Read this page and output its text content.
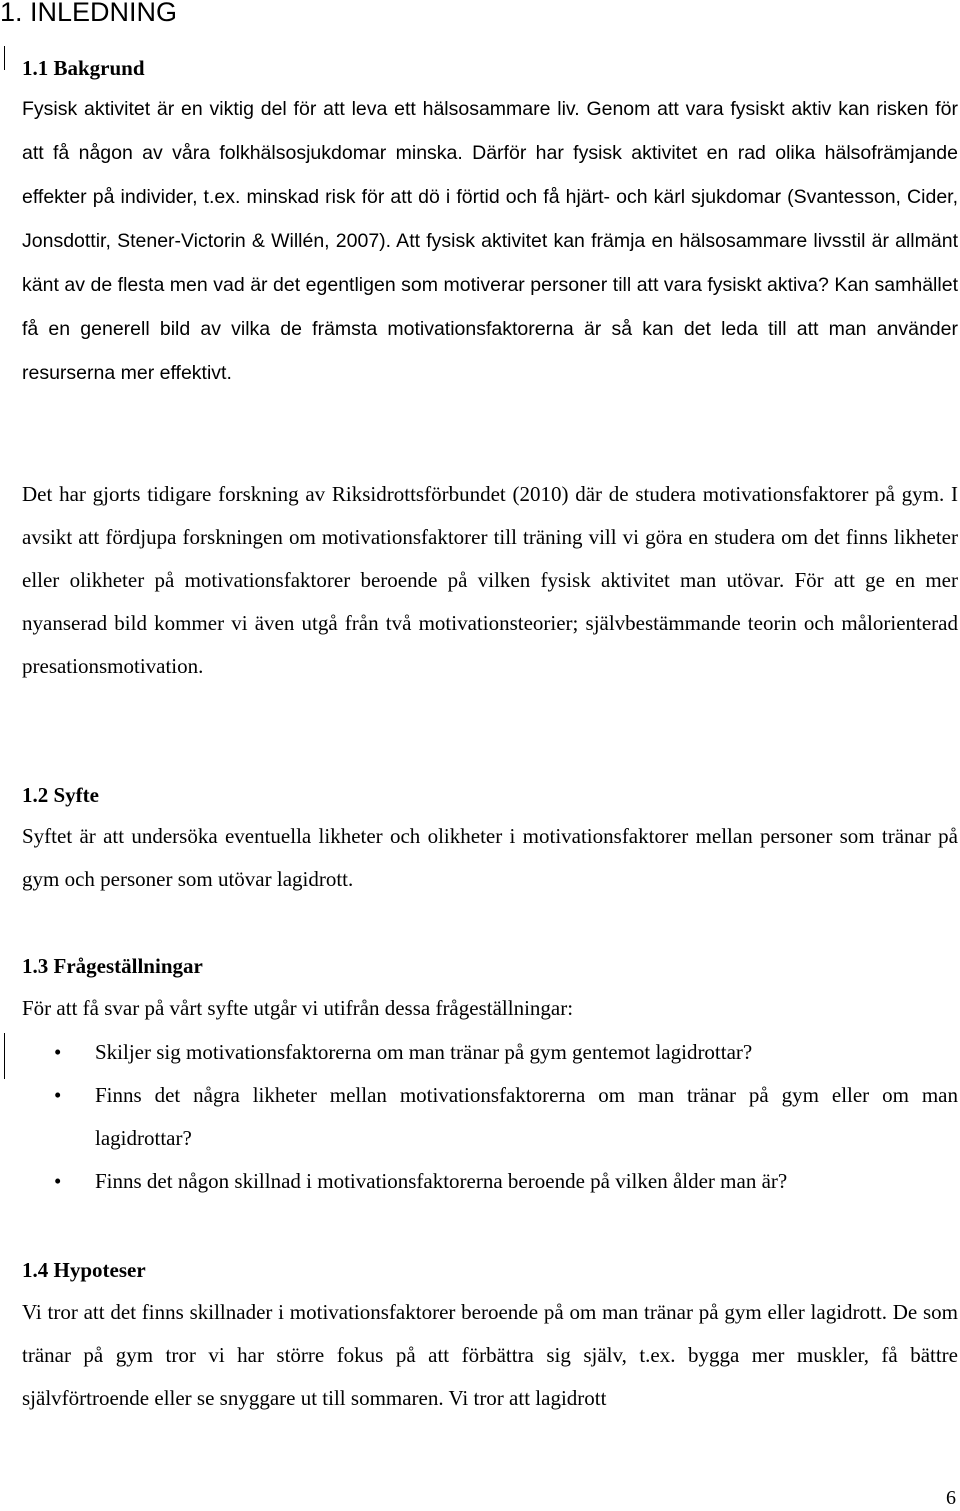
1. INLEDNING
1.1 Bakgrund
Fysisk aktivitet är en viktig del för att leva ett hälsosammare liv. Genom att vara fysiskt aktiv kan risken för att få någon av våra folkhälsosjukdomar minska. Därför har fysisk aktivitet en rad olika hälsofrämjande effekter på individer, t.ex. minskad risk för att dö i förtid och få hjärt- och kärl sjukdomar (Svantesson, Cider, Jonsdottir, Stener-Victorin & Willén, 2007). Att fysisk aktivitet kan främja en hälsosammare livsstil är allmänt känt av de flesta men vad är det egentligen som motiverar personer till att vara fysiskt aktiva? Kan samhället få en generell bild av vilka de främsta motivationsfaktorerna är så kan det leda till att man använder resurserna mer effektivt.
Det har gjorts tidigare forskning av Riksidrottsförbundet (2010) där de studera motivationsfaktorer på gym. I avsikt att fördjupa forskningen om motivationsfaktorer till träning vill vi göra en studera om det finns likheter eller olikheter på motivationsfaktorer beroende på vilken fysisk aktivitet man utövar. För att ge en mer nyanserad bild kommer vi även utgå från två motivationsteorier; självbestämmande teorin och målorienterad presationsmotivation.
1.2 Syfte
Syftet är att undersöka eventuella likheter och olikheter i motivationsfaktorer mellan personer som tränar på gym och personer som utövar lagidrott.
1.3 Frågeställningar
För att få svar på vårt syfte utgår vi utifrån dessa frågeställningar:
• Skiljer sig motivationsfaktorerna om man tränar på gym gentemot lagidrottar?
• Finns det några likheter mellan motivationsfaktorerna om man tränar på gym eller om man lagidrottar?
• Finns det någon skillnad i motivationsfaktorerna beroende på vilken ålder man är?
1.4 Hypoteser
Vi tror att det finns skillnader i motivationsfaktorer beroende på om man tränar på gym eller lagidrott. De som tränar på gym tror vi har större fokus på att förbättra sig själv, t.ex. bygga mer muskler, få bättre självförtroende eller se snyggare ut till sommaren. Vi tror att lagidrott
6
